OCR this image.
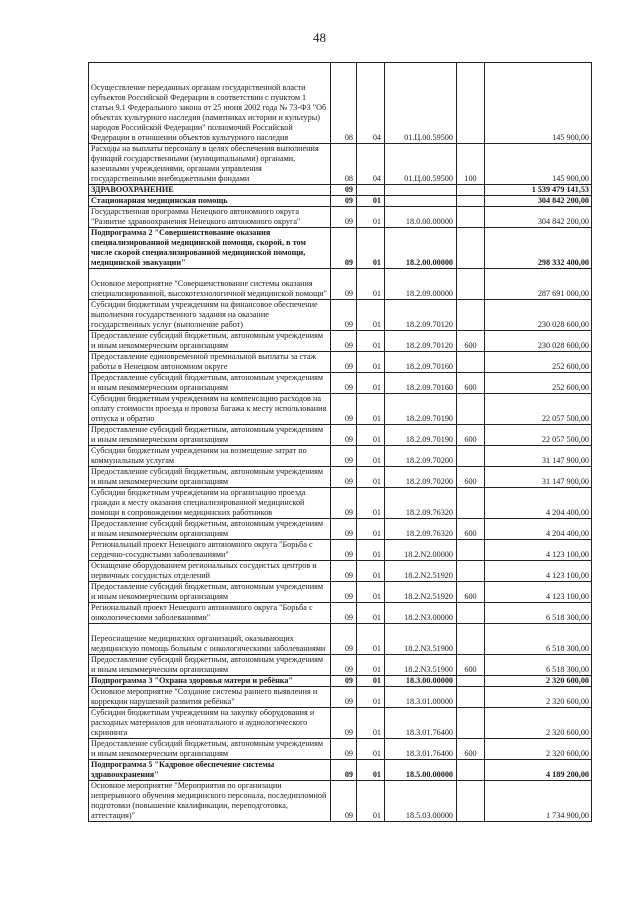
48
Осуществление переданных органам государственной власти субъектов Российской Федерации в соответствии с пунктом 1 статьи 9.1 Федерального закона от 25 июня 2002 года № 73-ФЗ "Об объектах культурного наследия (памятниках истории и культуры) народов Российской Федерации" полномочий Российской Федерации в отношении объектов культурного наследия	08	04	01.Ц.00.59500		145 900,00
Расходы на выплаты персоналу в целях обеспечения выполнения функций государственными (муниципальными) органами, казенными учреждениями, органами управления государственными внебюджетными фондами	08	04	01.Ц.00.59500	100	145 900,00
ЗДРАВООХРАНЕНИЕ	09				1 539 479 141,53
Стационарная медицинская помощь	09	01			304 842 200,00
Государственная программа Ненецкого автономного округа "Развитие здравоохранения Ненецкого автономного округа"	09	01	18.0.00.00000		304 842 200,00
Подпрограмма 2 "Совершенствование оказания специализированной медицинской помощи, скорой, в том числе скорой специализированной медицинской помощи, медицинской эвакуации"	09	01	18.2.00.00000		298 332 400,00
Основное мероприятие "Совершенствование системы оказания специализированной, высокотехнологичной медицинской помощи"	09	01	18.2.09.00000		287 691 000,00
Субсидии бюджетным учреждениям на финансовое обеспечение выполнения государственного задания на оказание государственных услуг (выполнение работ)	09	01	18.2.09.70120		230 028 600,00
Предоставление субсидий бюджетным, автономным учреждениям и иным некоммерческим организациям	09	01	18.2.09.70120	600	230 028 600,00
Предоставление единовременной премиальной выплаты за стаж работы в Ненецком автономном округе	09	01	18.2.09.70160		252 600,00
Предоставление субсидий бюджетным, автономным учреждениям и иным некоммерческим организациям	09	01	18.2.09.70160	600	252 600,00
Субсидии бюджетным учреждениям на компенсацию расходов на оплату стоимости проезда и провоза багажа к месту использования отпуска и обратно	09	01	18.2.09.70190		22 057 500,00
Предоставление субсидий бюджетным, автономным учреждениям и иным некоммерческим организациям	09	01	18.2.09.70190	600	22 057 500,00
Субсидии бюджетным учреждениям на возмещение затрат по коммунальным услугам	09	01	18.2.09.70200		31 147 900,00
Предоставление субсидий бюджетным, автономным учреждениям и иным некоммерческим организациям	09	01	18.2.09.70200	600	31 147 900,00
Субсидии бюджетным учреждениям на организацию проезда граждан к месту оказания специализированной медицинской помощи в сопровождении медицинских работников	09	01	18.2.09.76320		4 204 400,00
Предоставление субсидий бюджетным, автономным учреждениям и иным некоммерческим организациям	09	01	18.2.09.76320	600	4 204 400,00
Региональный проект Ненецкого автономного округа "Борьба с сердечно-сосудистыми заболеваниями"	09	01	18.2.N2.00000		4 123 100,00
Оснащение оборудованием региональных сосудистых центров и первичных сосудистых отделений	09	01	18.2.N2.51920		4 123 100,00
Предоставление субсидий бюджетным, автономным учреждениям и иным некоммерческим организациям	09	01	18.2.N2.51920	600	4 123 100,00
Региональный проект Ненецкого автономного округа "Борьба с онкологическими заболеваниями"	09	01	18.2.N3.00000		6 518 300,00
Переоснащение медицинских организаций, оказывающих медицинскую помощь больным с онкологическими заболеваниями	09	01	18.2.N3.51900		6 518 300,00
Предоставление субсидий бюджетным, автономным учреждениям и иным некоммерческим организациям	09	01	18.2.N3.51900	600	6 518 300,00
Подпрограмма 3 "Охрана здоровья матери и ребёнка"	09	01	18.3.00.00000		2 320 600,00
Основное мероприятие "Создание системы раннего выявления и коррекции нарушений развития ребёнка"	09	01	18.3.01.00000		2 320 600,00
Субсидии бюджетным учреждениям на закупку оборудования и расходных материалов для неонатального и аудиологического скрининга	09	01	18.3.01.76400		2 320 600,00
Предоставление субсидий бюджетным, автономным учреждениям и иным некоммерческим организациям	09	01	18.3.01.76400	600	2 320 600,00
Подпрограмма 5 "Кадровое обеспечение системы здравоохранения"	09	01	18.5.00.00000		4 189 200,00
Основное мероприятие "Мероприятия по организации непрерывного обучения медицинского персонала, последипломной подготовки (повышение квалификации, переподготовка, аттестация)"	09	01	18.5.03.00000		1 734 900,00
